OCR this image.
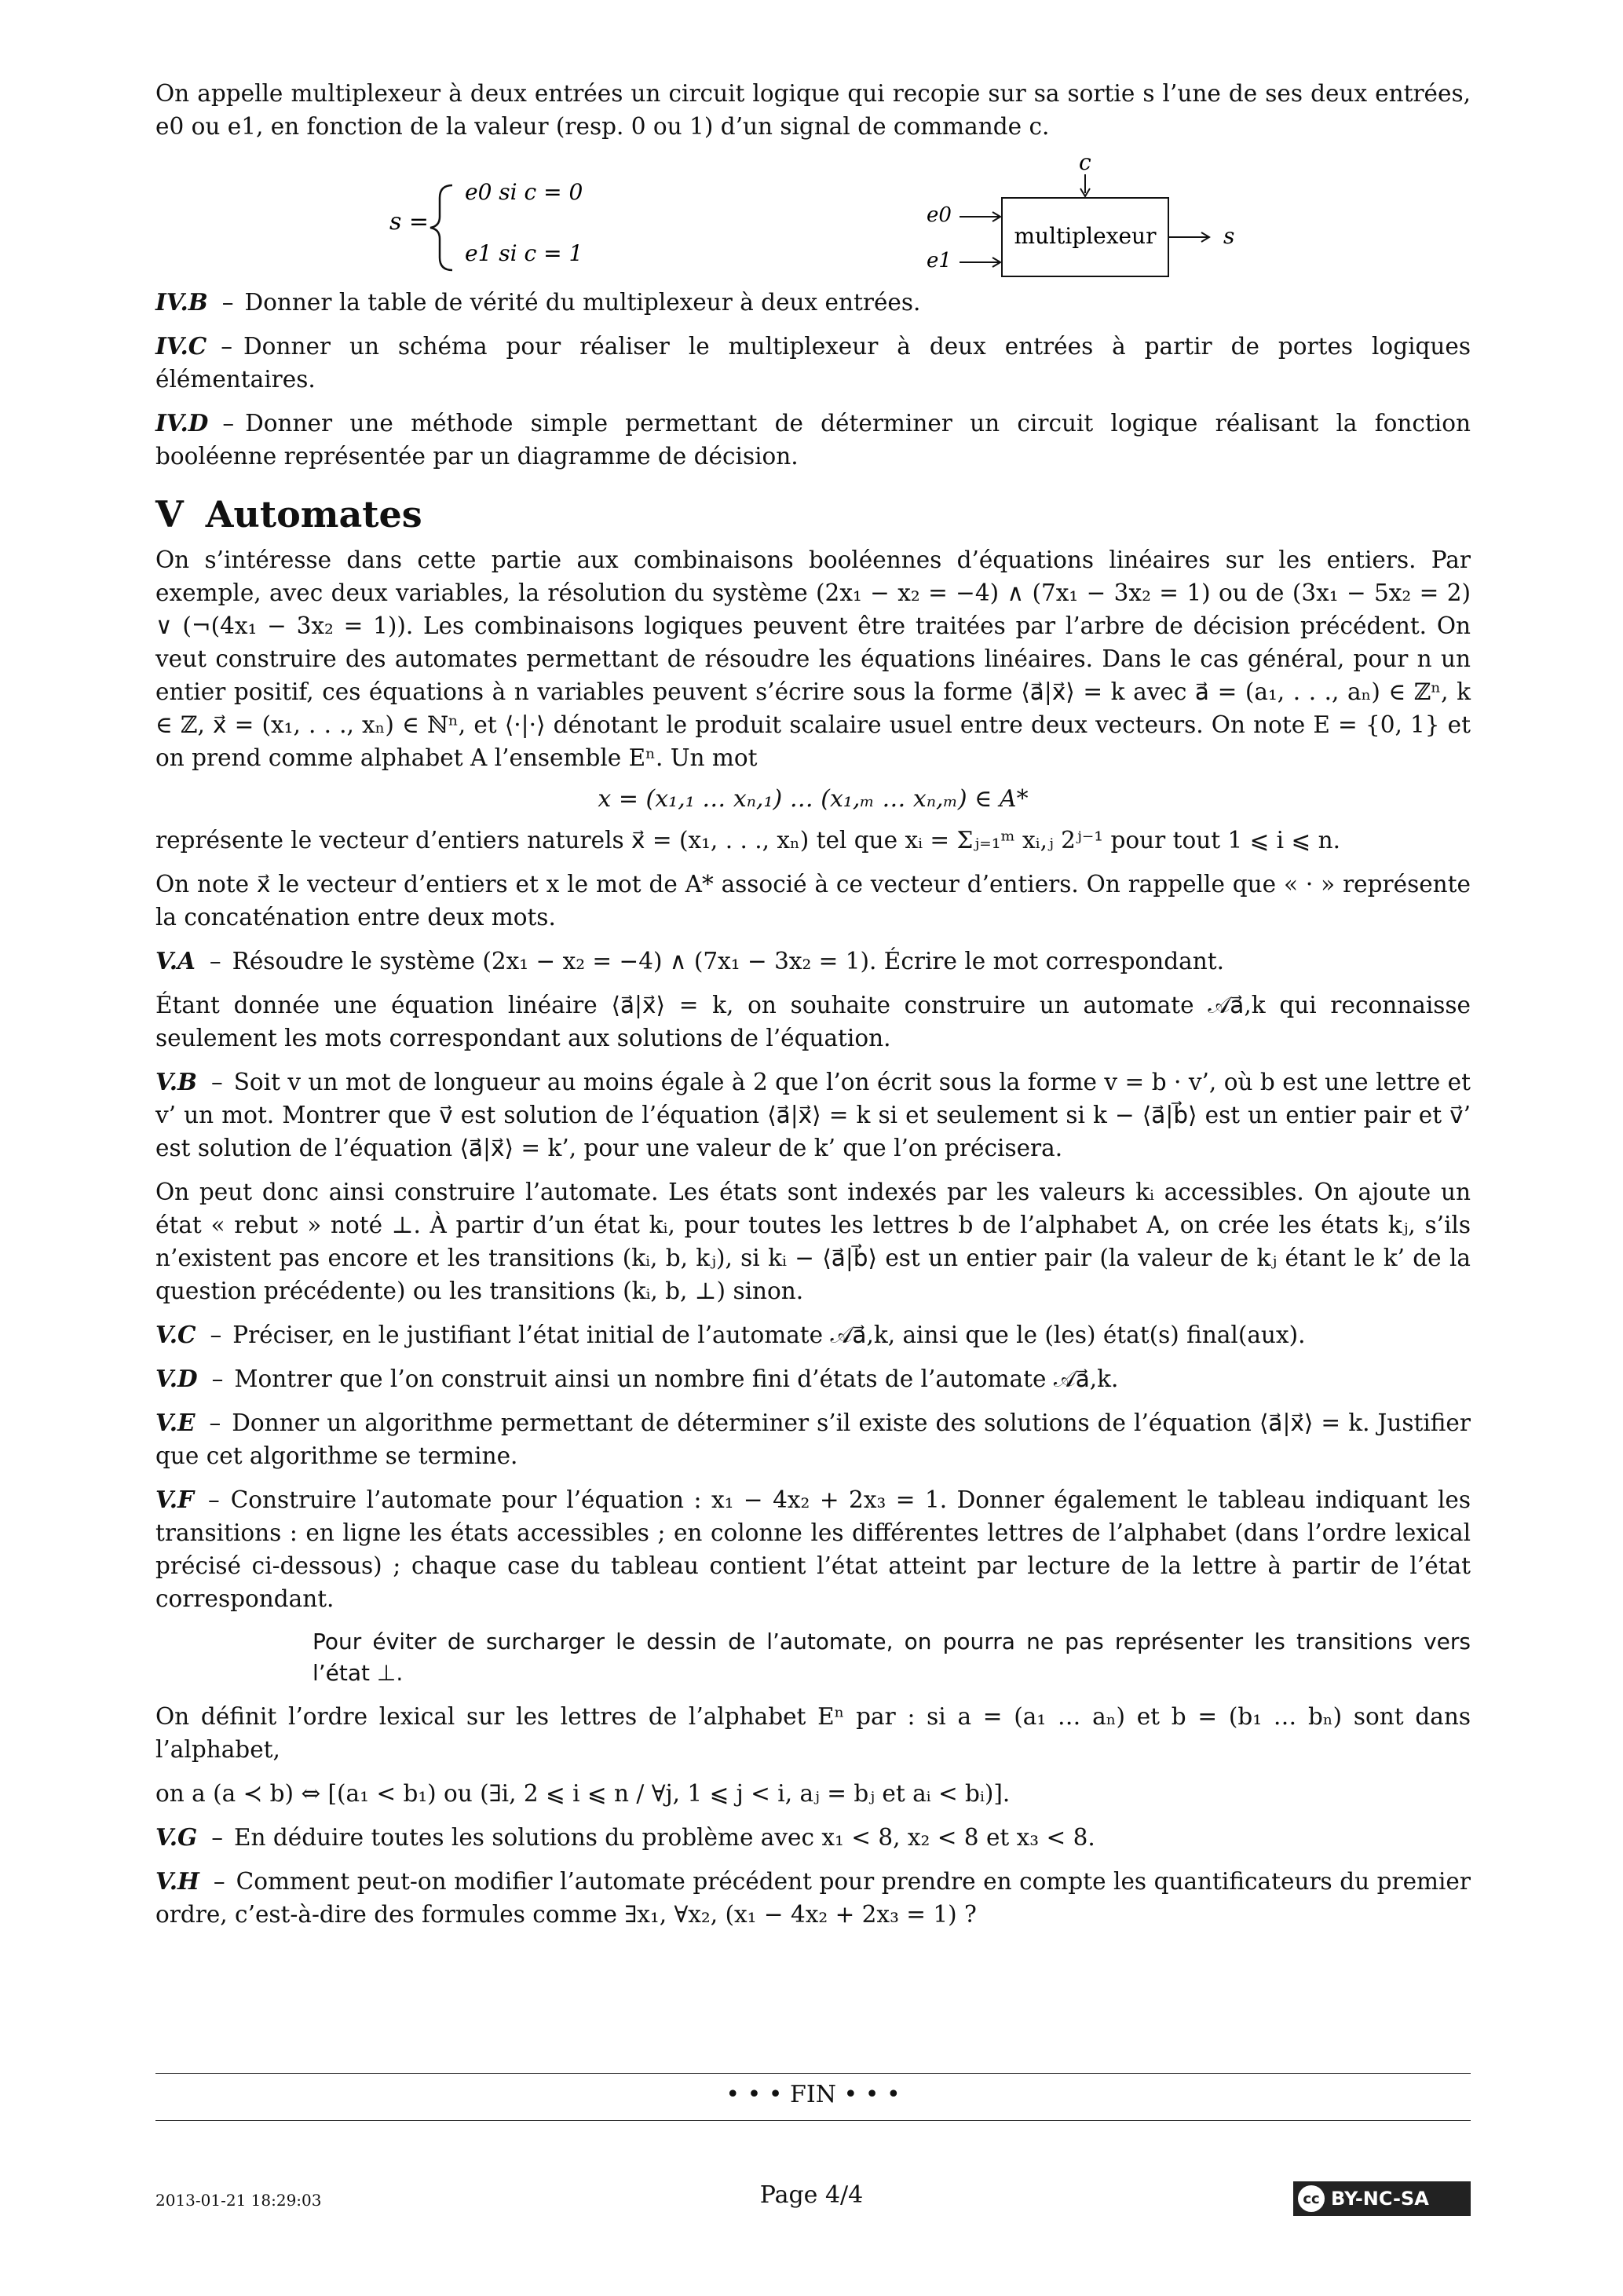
On appelle multiplexeur à deux entrées un circuit logique qui recopie sur sa sortie s l’une de ses deux entrées, e0 ou e1, en fonction de la valeur (resp. 0 ou 1) d’un signal de commande c.

s =
e0 si c = 0
e1 si c = 1
c
multiplexeur
e0
e1
s

IV.B – Donner la table de vérité du multiplexeur à deux entrées.

IV.C – Donner un schéma pour réaliser le multiplexeur à deux entrées à partir de portes logiques élémentaires.

IV.D – Donner une méthode simple permettant de déterminer un circuit logique réalisant la fonction booléenne représentée par un diagramme de décision.

V Automates

On s’intéresse dans cette partie aux combinaisons booléennes d’équations linéaires sur les entiers. Par exemple, avec deux variables, la résolution du système (2x₁ − x₂ = −4) ∧ (7x₁ − 3x₂ = 1) ou de (3x₁ − 5x₂ = 2) ∨ (¬(4x₁ − 3x₂ = 1)). Les combinaisons logiques peuvent être traitées par l’arbre de décision précédent. On veut construire des automates permettant de résoudre les équations linéaires. Dans le cas général, pour n un entier positif, ces équations à n variables peuvent s’écrire sous la forme ⟨a⃗|x⃗⟩ = k avec a⃗ = (a₁, . . ., aₙ) ∈ ℤⁿ, k ∈ ℤ, x⃗ = (x₁, . . ., xₙ) ∈ ℕⁿ, et ⟨·|·⟩ dénotant le produit scalaire usuel entre deux vecteurs. On note E = {0, 1} et on prend comme alphabet A l’ensemble Eⁿ. Un mot

x = (x₁,₁ … xₙ,₁) … (x₁,ₘ … xₙ,ₘ) ∈ A*

représente le vecteur d’entiers naturels x⃗ = (x₁, . . ., xₙ) tel que xᵢ = Σⱼ₌₁ᵐ xᵢ,ⱼ 2ʲ⁻¹ pour tout 1 ⩽ i ⩽ n.

On note x⃗ le vecteur d’entiers et x le mot de A* associé à ce vecteur d’entiers. On rappelle que « · » représente la concaténation entre deux mots.

V.A – Résoudre le système (2x₁ − x₂ = −4) ∧ (7x₁ − 3x₂ = 1). Écrire le mot correspondant.

Étant donnée une équation linéaire ⟨a⃗|x⃗⟩ = k, on souhaite construire un automate 𝒜a⃗,k qui reconnaisse seulement les mots correspondant aux solutions de l’équation.

V.B – Soit v un mot de longueur au moins égale à 2 que l’on écrit sous la forme v = b · v’, où b est une lettre et v’ un mot. Montrer que v⃗ est solution de l’équation ⟨a⃗|x⃗⟩ = k si et seulement si k − ⟨a⃗|b⃗⟩ est un entier pair et v⃗’ est solution de l’équation ⟨a⃗|x⃗⟩ = k’, pour une valeur de k’ que l’on précisera.

On peut donc ainsi construire l’automate. Les états sont indexés par les valeurs kᵢ accessibles. On ajoute un état « rebut » noté ⊥. À partir d’un état kᵢ, pour toutes les lettres b de l’alphabet A, on crée les états kⱼ, s’ils n’existent pas encore et les transitions (kᵢ, b, kⱼ), si kᵢ − ⟨a⃗|b⃗⟩ est un entier pair (la valeur de kⱼ étant le k’ de la question précédente) ou les transitions (kᵢ, b, ⊥) sinon.

V.C – Préciser, en le justifiant l’état initial de l’automate 𝒜a⃗,k, ainsi que le (les) état(s) final(aux).

V.D – Montrer que l’on construit ainsi un nombre fini d’états de l’automate 𝒜a⃗,k.

V.E – Donner un algorithme permettant de déterminer s’il existe des solutions de l’équation ⟨a⃗|x⃗⟩ = k. Justifier que cet algorithme se termine.

V.F – Construire l’automate pour l’équation : x₁ − 4x₂ + 2x₃ = 1. Donner également le tableau indiquant les transitions : en ligne les états accessibles ; en colonne les différentes lettres de l’alphabet (dans l’ordre lexical précisé ci-dessous) ; chaque case du tableau contient l’état atteint par lecture de la lettre à partir de l’état correspondant.

Pour éviter de surcharger le dessin de l’automate, on pourra ne pas représenter les transitions vers l’état ⊥.

On définit l’ordre lexical sur les lettres de l’alphabet Eⁿ par : si a = (a₁ … aₙ) et b = (b₁ … bₙ) sont dans l’alphabet,

on a (a ≺ b) ⇔ [(a₁ < b₁) ou (∃i, 2 ⩽ i ⩽ n / ∀j, 1 ⩽ j < i, aⱼ = bⱼ et aᵢ < bᵢ)].

V.G – En déduire toutes les solutions du problème avec x₁ < 8, x₂ < 8 et x₃ < 8.

V.H – Comment peut-on modifier l’automate précédent pour prendre en compte les quantificateurs du premier ordre, c’est-à-dire des formules comme ∃x₁, ∀x₂, (x₁ − 4x₂ + 2x₃ = 1) ?

• • • FIN • • •
2013-01-21 18:29:03	Page 4/4	cc BY-NC-SA
